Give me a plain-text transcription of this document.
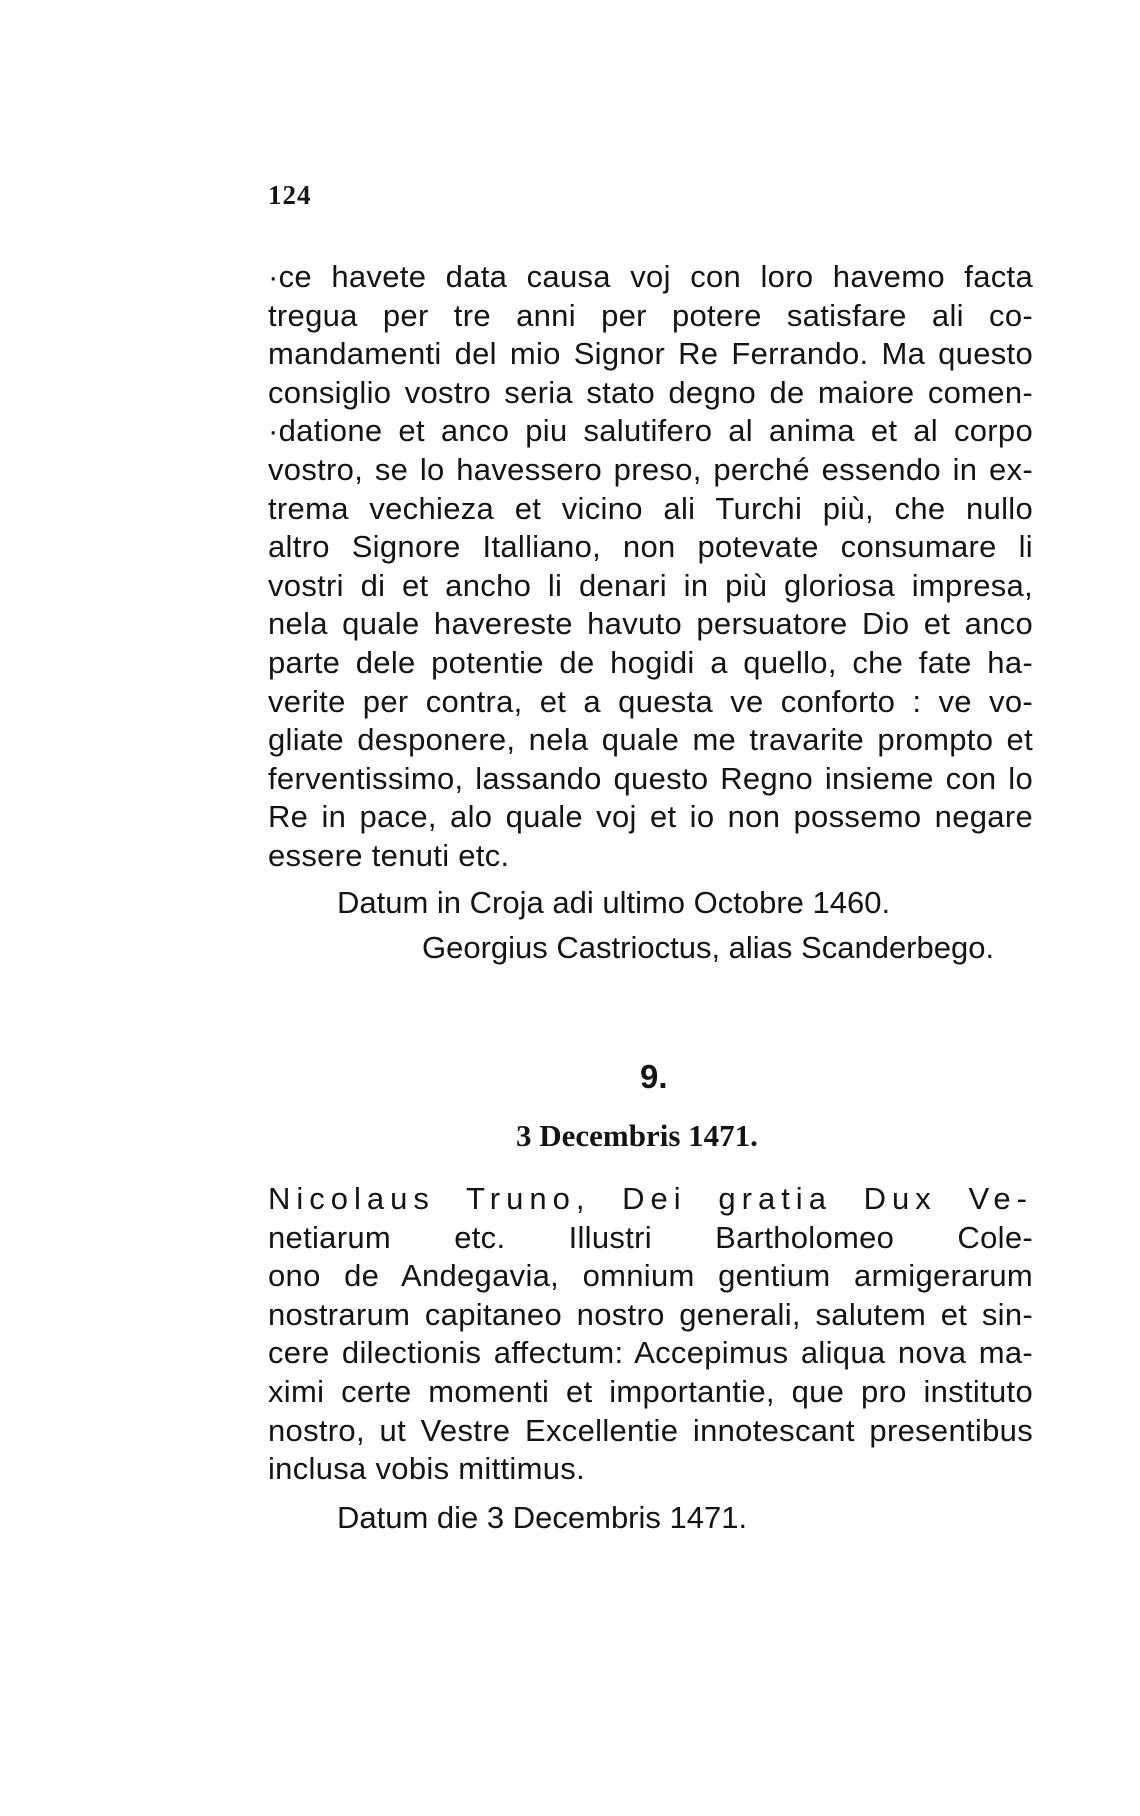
124
·ce havete data causa voj con loro havemo facta
tregua per tre anni per potere satisfare ali co-
mandamenti del mio Signor Re Ferrando. Ma questo
consiglio vostro seria stato degno de maiore comen-
·datione et anco piu salutifero al anima et al corpo
vostro, se lo havessero preso, perché essendo in ex-
trema vechieza et vicino ali Turchi più, che nullo
altro Signore Italliano, non potevate consumare li
vostri di et ancho li denari in più gloriosa impresa,
nela quale havereste havuto persuatore Dio et anco
parte dele potentie de hogidi a quello, che fate ha-
verite per contra, et a questa ve conforto : ve vo-
gliate desponere, nela quale me travarite prompto et
ferventissimo, lassando questo Regno insieme con lo
Re in pace, alo quale voj et io non possemo negare
essere tenuti etc.
Datum in Croja adi ultimo Octobre 1460.
Georgius Castrioctus, alias Scanderbego.
9.
3 Decembris 1471.
Nicolaus Truno, Dei gratia Dux Ve-
netiarum etc. Illustri Bartholomeo Cole-
ono de Andegavia, omnium gentium armigerarum
nostrarum capitaneo nostro generali, salutem et sin-
cere dilectionis affectum: Accepimus aliqua nova ma-
ximi certe momenti et importantie, que pro instituto
nostro, ut Vestre Excellentie innotescant presentibus
inclusa vobis mittimus.
Datum die 3 Decembris 1471.
